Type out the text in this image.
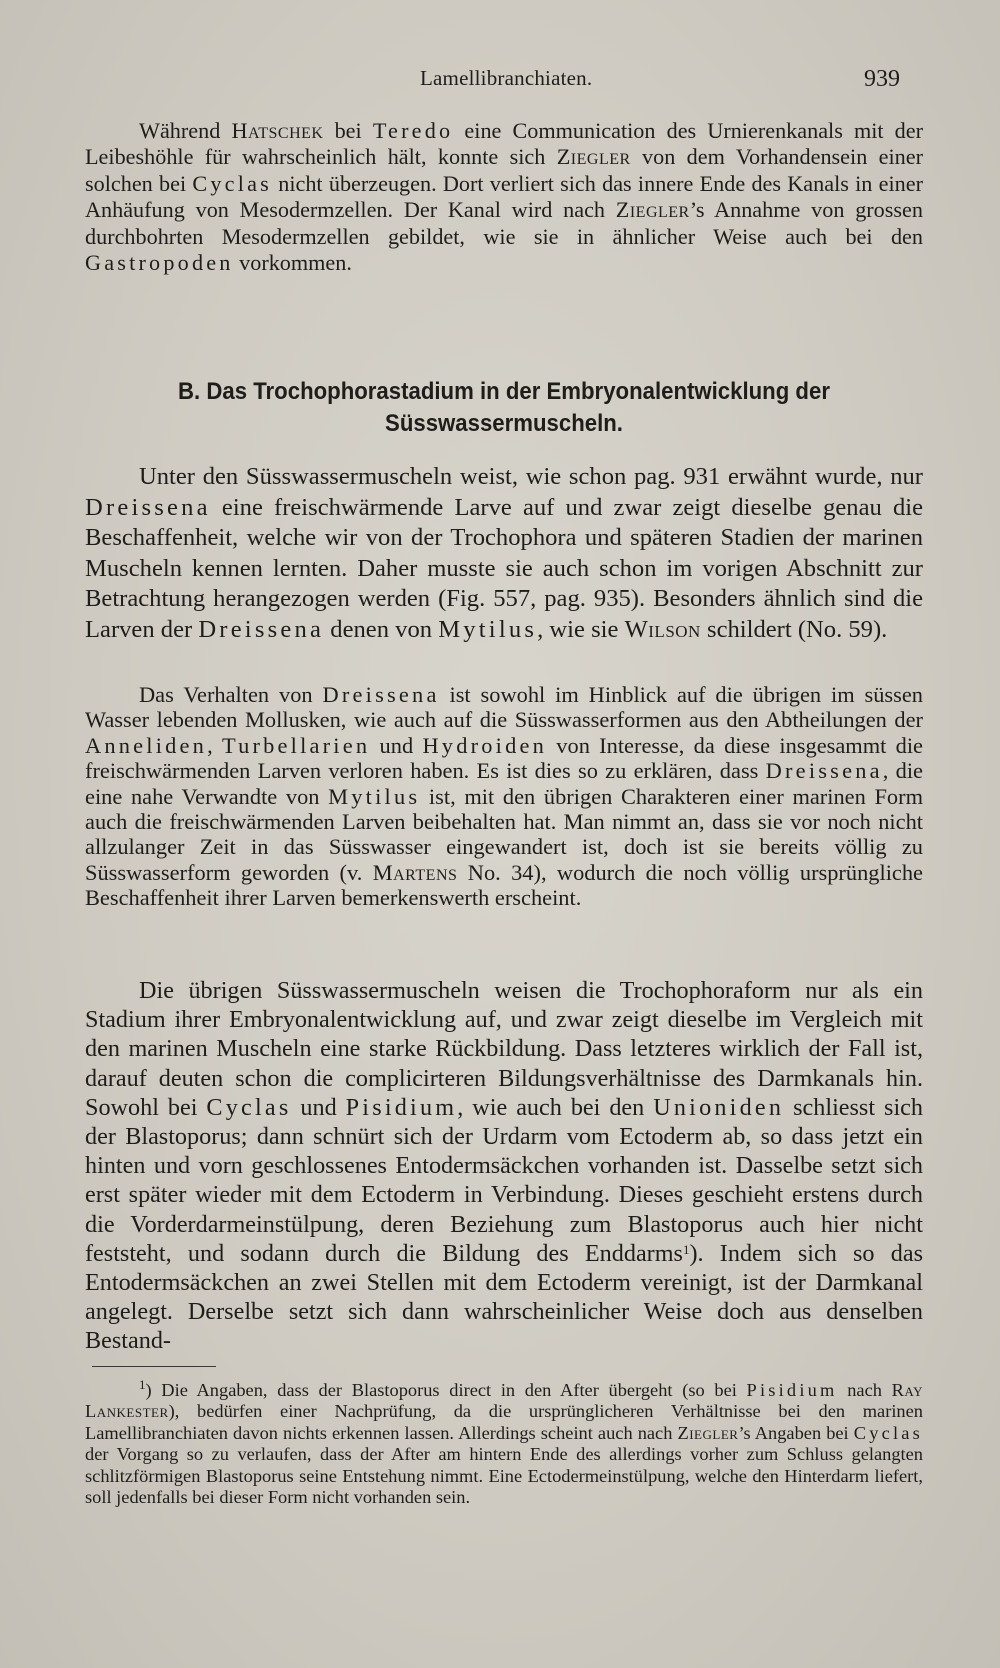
Lamellibranchiaten.	939

Während Hatschek bei Teredo eine Communication des Urnierenkanals mit der Leibeshöhle für wahrscheinlich hält, konnte sich Ziegler von dem Vorhandensein einer solchen bei Cyclas nicht überzeugen. Dort verliert sich das innere Ende des Kanals in einer Anhäufung von Mesodermzellen. Der Kanal wird nach Ziegler’s Annahme von grossen durchbohrten Mesodermzellen gebildet, wie sie in ähnlicher Weise auch bei den Gastropoden vorkommen.

B. Das Trochophorastadium in der Embryonalentwicklung der
Süsswassermuscheln.

Unter den Süsswassermuscheln weist, wie schon pag. 931 erwähnt wurde, nur Dreissena eine freischwärmende Larve auf und zwar zeigt dieselbe genau die Beschaffenheit, welche wir von der Trochophora und späteren Stadien der marinen Muscheln kennen lernten. Daher musste sie auch schon im vorigen Abschnitt zur Betrachtung herangezogen werden (Fig. 557, pag. 935). Besonders ähnlich sind die Larven der Dreissena denen von Mytilus, wie sie Wilson schildert (No. 59).

Das Verhalten von Dreissena ist sowohl im Hinblick auf die übrigen im süssen Wasser lebenden Mollusken, wie auch auf die Süsswasserformen aus den Abtheilungen der Anneliden, Turbellarien und Hydroiden von Interesse, da diese insgesammt die freischwärmenden Larven verloren haben. Es ist dies so zu erklären, dass Dreissena, die eine nahe Verwandte von Mytilus ist, mit den übrigen Charakteren einer marinen Form auch die freischwärmenden Larven beibehalten hat. Man nimmt an, dass sie vor noch nicht allzulanger Zeit in das Süsswasser eingewandert ist, doch ist sie bereits völlig zu Süsswasserform geworden (v. Martens No. 34), wodurch die noch völlig ursprüngliche Beschaffenheit ihrer Larven bemerkenswerth erscheint.

Die übrigen Süsswassermuscheln weisen die Trochophoraform nur als ein Stadium ihrer Embryonalentwicklung auf, und zwar zeigt dieselbe im Vergleich mit den marinen Muscheln eine starke Rückbildung. Dass letzteres wirklich der Fall ist, darauf deuten schon die complicirteren Bildungsverhältnisse des Darmkanals hin. Sowohl bei Cyclas und Pisidium, wie auch bei den Unioniden schliesst sich der Blastoporus; dann schnürt sich der Urdarm vom Ectoderm ab, so dass jetzt ein hinten und vorn geschlossenes Entodermsäckchen vorhanden ist. Dasselbe setzt sich erst später wieder mit dem Ectoderm in Verbindung. Dieses geschieht erstens durch die Vorderdarmeinstülpung, deren Beziehung zum Blastoporus auch hier nicht feststeht, und sodann durch die Bildung des Enddarms$^1$). Indem sich so das Entodermsäckchen an zwei Stellen mit dem Ectoderm vereinigt, ist der Darmkanal angelegt. Derselbe setzt sich dann wahrscheinlicher Weise doch aus denselben Bestand-

$^1$) Die Angaben, dass der Blastoporus direct in den After übergeht (so bei Pisidium nach Ray Lankester), bedürfen einer Nachprüfung, da die ursprünglicheren Verhältnisse bei den marinen Lamellibranchiaten davon nichts erkennen lassen. Allerdings scheint auch nach Ziegler’s Angaben bei Cyclas der Vorgang so zu verlaufen, dass der After am hintern Ende des allerdings vorher zum Schluss gelangten schlitzförmigen Blastoporus seine Entstehung nimmt. Eine Ectodermeinstülpung, welche den Hinterdarm liefert, soll jedenfalls bei dieser Form nicht vorhanden sein.
